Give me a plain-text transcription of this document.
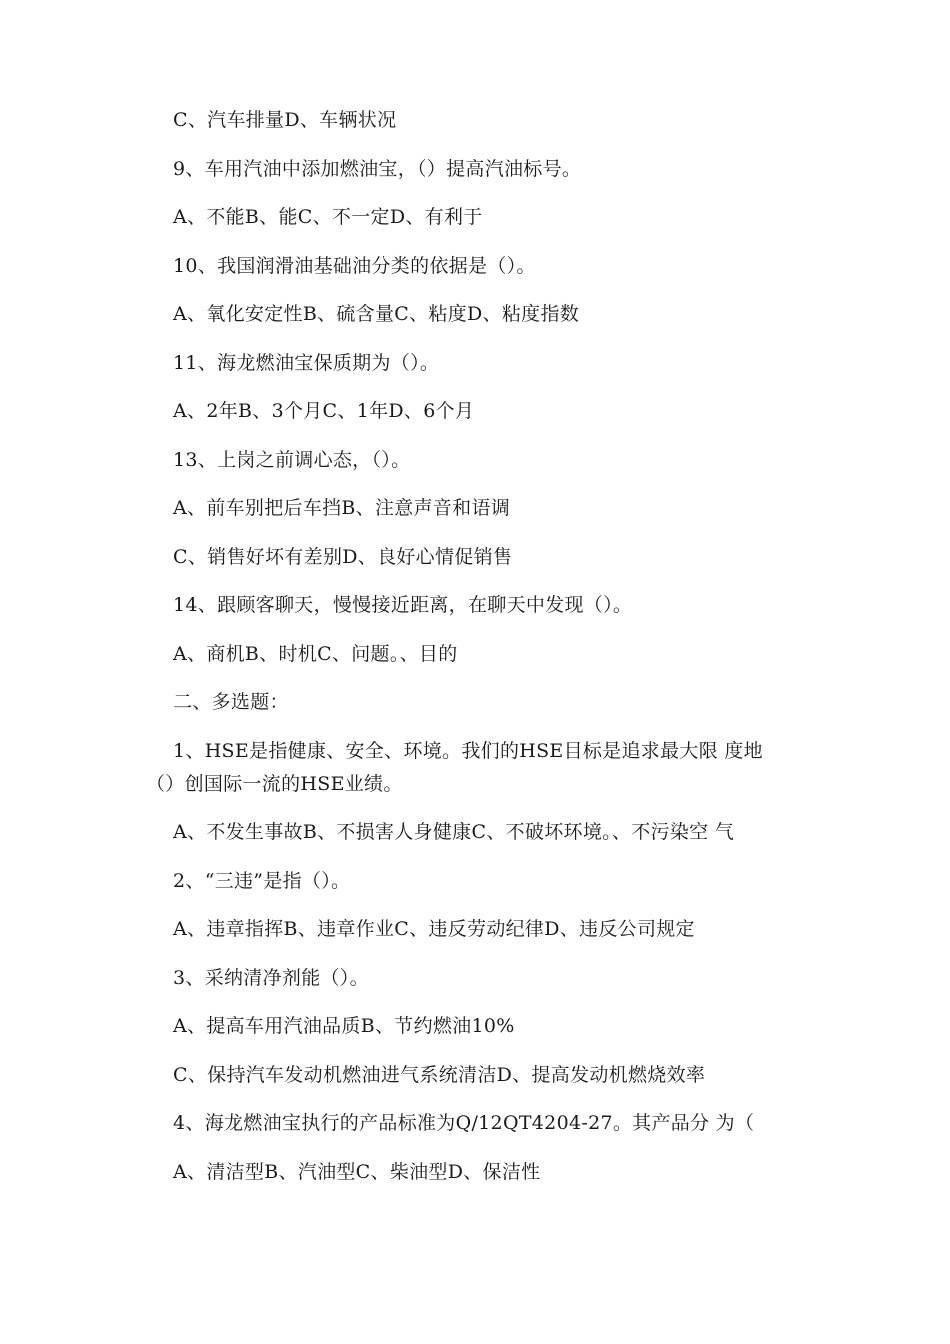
C、汽车排量D、车辆状况
9、车用汽油中添加燃油宝，（）提高汽油标号。
A、不能B、能C、不一定D、有利于
10、我国润滑油基础油分类的依据是（）。
A、氧化安定性B、硫含量C、粘度D、粘度指数
11、海龙燃油宝保质期为（）。
A、2年B、3个月C、1年D、6个月
13、上岗之前调心态，（）。
A、前车别把后车挡B、注意声音和语调
C、销售好坏有差别D、良好心情促销售
14、跟顾客聊天，慢慢接近距离，在聊天中发现（）。
A、商机B、时机C、问题。、目的
二、多选题：
1、HSE是指健康、安全、环境。我们的HSE目标是追求最大限 度地
（）创国际一流的HSE业绩。
A、不发生事故B、不损害人身健康C、不破坏环境。、不污染空 气
2、“三违”是指（）。
A、违章指挥B、违章作业C、违反劳动纪律D、违反公司规定
3、采纳清净剂能（）。
A、提高车用汽油品质B、节约燃油10%
C、保持汽车发动机燃油进气系统清洁D、提高发动机燃烧效率
4、海龙燃油宝执行的产品标准为Q/12QT4204-27。其产品分 为（
A、清洁型B、汽油型C、柴油型D、保洁性
